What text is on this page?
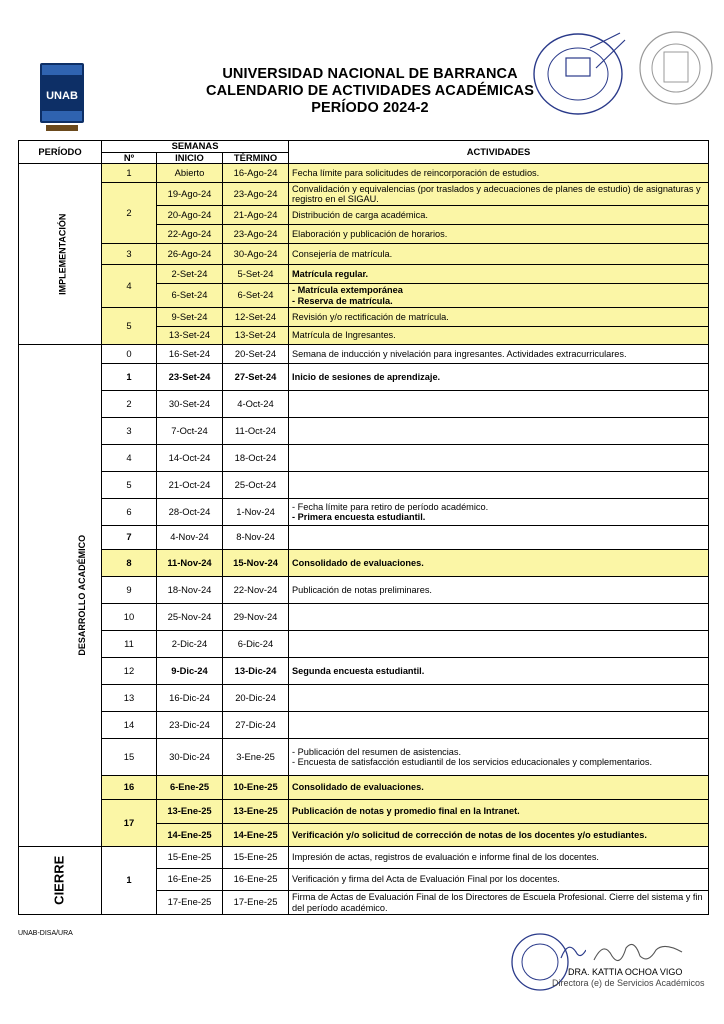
UNAB
UNIVERSIDAD NACIONAL DE BARRANCA
CALENDARIO DE ACTIVIDADES ACADÉMICAS
PERÍODO 2024-2
PERÍODO	SEMANAS			ACTIVIDADES
	Nº	INICIO	TÉRMINO	
IMPLEMENTACIÓN	1	Abierto	16-Ago-24	Fecha límite para solicitudes de reincorporación de estudios.
	2	19-Ago-24	23-Ago-24	Convalidación y equivalencias (por traslados y adecuaciones de planes de estudio) de asignaturas y registro en el SIGAU.
		20-Ago-24	21-Ago-24	Distribución de carga académica.
		22-Ago-24	23-Ago-24	Elaboración y publicación de horarios.
	3	26-Ago-24	30-Ago-24	Consejería de matrícula.
	4	2-Set-24	5-Set-24	Matrícula regular.
		6-Set-24	6-Set-24	- Matrícula extemporánea
- Reserva de matrícula.

	5	9-Set-24	12-Set-24	Revisión y/o rectificación de matrícula.
		13-Set-24	13-Set-24	Matrícula de Ingresantes.
DESARROLLO ACADÉMICO	0	16-Set-24	20-Set-24	Semana de inducción y nivelación para ingresantes. Actividades extracurriculares.
	1	23-Set-24	27-Set-24	Inicio de sesiones de aprendizaje.
	2	30-Set-24	4-Oct-24	
	3	7-Oct-24	11-Oct-24	
	4	14-Oct-24	18-Oct-24	
	5	21-Oct-24	25-Oct-24	
	6	28-Oct-24	1-Nov-24	- Fecha límite para retiro de período académico.
- Primera encuesta estudiantil.

	7	4-Nov-24	8-Nov-24	
	8	11-Nov-24	15-Nov-24	Consolidado de evaluaciones.
	9	18-Nov-24	22-Nov-24	Publicación de notas preliminares.
	10	25-Nov-24	29-Nov-24	
	11	2-Dic-24	6-Dic-24	
	12	9-Dic-24	13-Dic-24	Segunda encuesta estudiantil.
	13	16-Dic-24	20-Dic-24	
	14	23-Dic-24	27-Dic-24	
	15	30-Dic-24	3-Ene-25	- Publicación del resumen de asistencias.
- Encuesta de satisfacción estudiantil de los servicios educacionales y complementarios.

	16	6-Ene-25	10-Ene-25	Consolidado de evaluaciones.
	17	13-Ene-25	13-Ene-25	Publicación de notas y promedio final en la Intranet.
		14-Ene-25	14-Ene-25	Verificación y/o solicitud de corrección de notas de los docentes y/o estudiantes.
CIERRE	1	15-Ene-25	15-Ene-25	Impresión de actas, registros de evaluación e informe final de los docentes.
		16-Ene-25	16-Ene-25	Verificación y firma del Acta de Evaluación Final por los docentes.
		17-Ene-25	17-Ene-25	Firma de Actas de Evaluación Final de los Directores de Escuela Profesional. Cierre del sistema y fin del período académico.
UNAB-DISA/URA
DRA. KATTIA OCHOA VIGO
Directora (e) de Servicios Académicos
